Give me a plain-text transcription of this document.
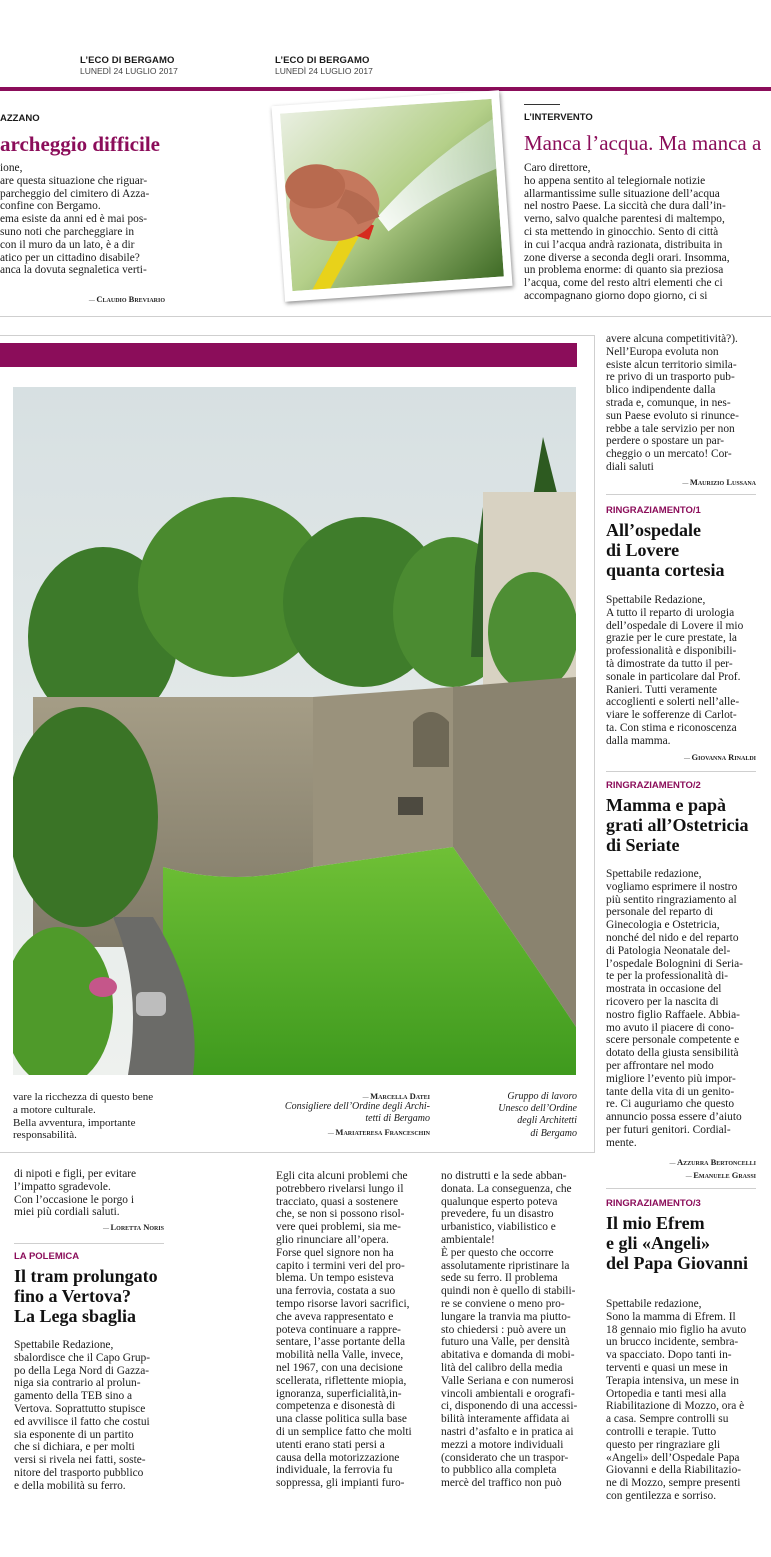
L’ECO DI BERGAMO
LUNEDÌ 24 LUGLIO 2017
L’ECO DI BERGAMO
LUNEDÌ 24 LUGLIO 2017
AZZANO
archeggio difficile
ione,
are questa situazione che riguar-
parcheggio del cimitero di Azza-
confine con Bergamo.
ema esiste da anni ed è mai pos-
suno noti che parcheggiare in
con il muro da un lato, è a dir
atico per un cittadino disabile?
anca la dovuta segnaletica verti-
— Claudio Breviario
L’INTERVENTO
Manca l’acqua. Ma manca a
Caro direttore,
ho appena sentito al telegiornale notizie
allarmantissime sulle situazione dell’acqua
nel nostro Paese. La siccità che dura dall’in-
verno, salvo qualche parentesi di maltempo,
ci sta mettendo in ginocchio. Sento di città
in cui l’acqua andrà razionata, distribuita in
zone diverse a seconda degli orari. Insomma,
un problema enorme: di quanto sia preziosa
l’acqua, come del resto altri elementi che ci
accompagnano giorno dopo giorno, ci si
vare la ricchezza di questo bene
a motore culturale.
Bella avventura, importante
responsabilità.
— Marcella Datei
Consigliere dell’Ordine degli Archi-
tetti di Bergamo
— Mariateresa Franceschin
Gruppo di lavoro
Unesco dell’Ordine
degli Architetti
di Bergamo
avere alcuna competitività?).
Nell’Europa evoluta non
esiste alcun territorio simila-
re privo di un trasporto pub-
blico indipendente dalla
strada e, comunque, in nes-
sun Paese evoluto si rinunce-
rebbe a tale servizio per non
perdere o spostare un par-
cheggio o un mercato! Cor-
diali saluti
— Maurizio Lussana
RINGRAZIAMENTO/1
All’ospedale
di Lovere
quanta cortesia
Spettabile Redazione,
A tutto il reparto di urologia
dell’ospedale di Lovere il mio
grazie per le cure prestate, la
professionalità e disponibili-
tà dimostrate da tutto il per-
sonale in particolare dal Prof.
Ranieri. Tutti veramente
accoglienti e solerti nell’alle-
viare le sofferenze di Carlot-
ta. Con stima e riconoscenza
dalla mamma.
— Giovanna Rinaldi
RINGRAZIAMENTO/2
Mamma e papà
grati all’Ostetricia
di Seriate
Spettabile redazione,
vogliamo esprimere il nostro
più sentito ringraziamento al
personale del reparto di
Ginecologia e Ostetricia,
nonché del nido e del reparto
di Patologia Neonatale del-
l’ospedale Bolognini di Seria-
te per la professionalità di-
mostrata in occasione del
ricovero per la nascita di
nostro figlio Raffaele. Abbia-
mo avuto il piacere di cono-
scere personale competente e
dotato della giusta sensibilità
per affrontare nel modo
migliore l’evento più impor-
tante della vita di un genito-
re. Ci auguriamo che questo
annuncio possa essere d’aiuto
per futuri genitori. Cordial-
mente.
— Azzurra Bertoncelli
— Emanuele Grassi
RINGRAZIAMENTO/3
Il mio Efrem
e gli «Angeli»
del Papa Giovanni
Spettabile redazione,
Sono la mamma di Efrem. Il
18 gennaio mio figlio ha avuto
un brucco incidente, sembra-
va spacciato. Dopo tanti in-
terventi e quasi un mese in
Terapia intensiva, un mese in
Ortopedia e tanti mesi alla
Riabilitazione di Mozzo, ora è
a casa. Sempre controlli su
controlli e terapie. Tutto
questo per ringraziare gli
«Angeli» dell’Ospedale Papa
Giovanni e della Riabilitazio-
ne di Mozzo, sempre presenti
con gentilezza e sorriso.
di nipoti e figli, per evitare
l’impatto sgradevole.
Con l’occasione le porgo i
miei più cordiali saluti.
— Loretta Noris
LA POLEMICA
Il tram prolungato
fino a Vertova?
La Lega sbaglia
Spettabile Redazione,
sbalordisce che il Capo Grup-
po della Lega Nord di Gazza-
niga sia contrario al prolun-
gamento della TEB sino a
Vertova. Soprattutto stupisce
ed avvilisce il fatto che costui
sia esponente di un partito
che si dichiara, e per molti
versi si rivela nei fatti, soste-
nitore del trasporto pubblico
e della mobilità su ferro.
Egli cita alcuni problemi che
potrebbero rivelarsi lungo il
tracciato, quasi a sostenere
che, se non si possono risol-
vere quei problemi, sia me-
glio rinunciare all’opera.
Forse quel signore non ha
capito i termini veri del pro-
blema. Un tempo esisteva
una ferrovia, costata a suo
tempo risorse lavori sacrifici,
che aveva rappresentato e
poteva continuare a rappre-
sentare, l’asse portante della
mobilità nella Valle, invece,
nel 1967, con una decisione
scellerata, riflettente miopia,
ignoranza, superficialità,in-
competenza e disonestà di
una classe politica sulla base
di un semplice fatto che molti
utenti erano stati persi a
causa della motorizzazione
individuale, la ferrovia fu
soppressa, gli impianti furo-
no distrutti e la sede abban-
donata. La conseguenza, che
qualunque esperto poteva
prevedere, fu un disastro
urbanistico, viabilistico e
ambientale!
È per questo che occorre
assolutamente ripristinare la
sede su ferro. Il problema
quindi non è quello di stabili-
re se conviene o meno pro-
lungare la tranvia ma piutto-
sto chiedersi : può avere un
futuro una Valle, per densità
abitativa e domanda di mobi-
lità del calibro della media
Valle Seriana e con numerosi
vincoli ambientali e orografi-
ci, disponendo di una accessi-
bilità interamente affidata ai
nastri d’asfalto e in pratica ai
mezzi a motore individuali
(considerato che un traspor-
to pubblico alla completa
mercè del traffico non può
